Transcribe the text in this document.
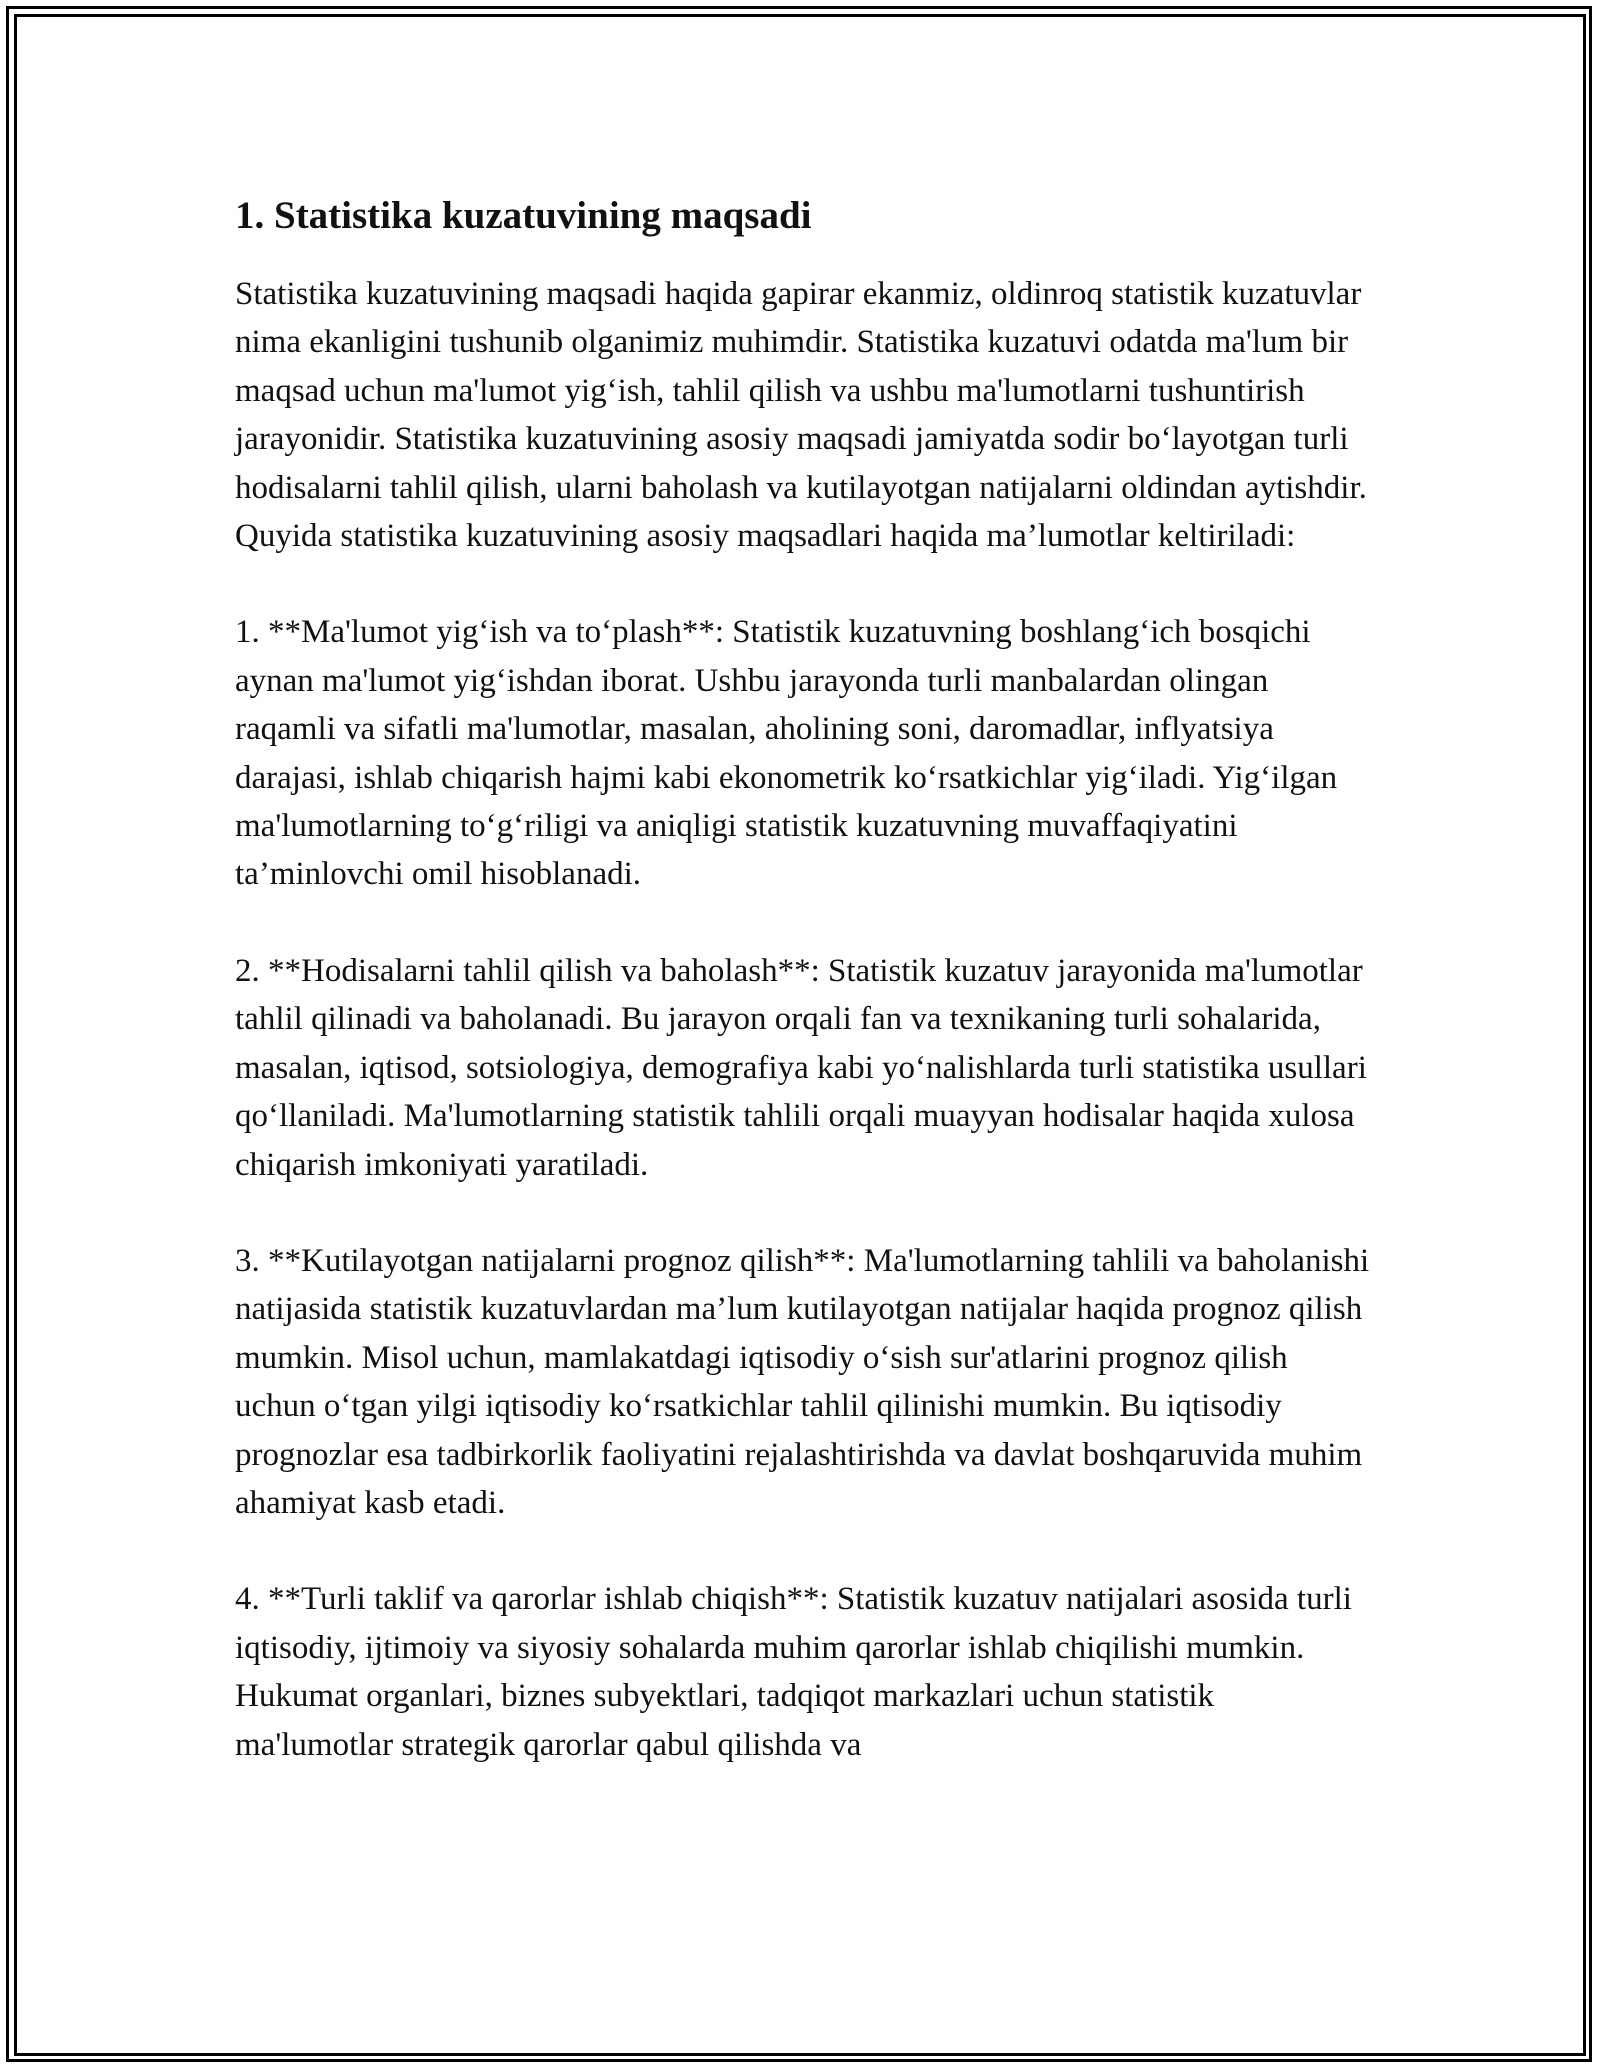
1. Statistika kuzatuvining maqsadi

Statistika kuzatuvining maqsadi haqida gapirar ekanmiz, oldinroq statistik kuzatuvlar nima ekanligini tushunib olganimiz muhimdir. Statistika kuzatuvi odatda ma'lum bir maqsad uchun ma'lumot yig‘ish, tahlil qilish va ushbu ma'lumotlarni tushuntirish jarayonidir. Statistika kuzatuvining asosiy maqsadi jamiyatda sodir bo‘layotgan turli hodisalarni tahlil qilish, ularni baholash va kutilayotgan natijalarni oldindan aytishdir. Quyida statistika kuzatuvining asosiy maqsadlari haqida ma’lumotlar keltiriladi:

1. **Ma'lumot yig‘ish va to‘plash**: Statistik kuzatuvning boshlang‘ich bosqichi aynan ma'lumot yig‘ishdan iborat. Ushbu jarayonda turli manbalardan olingan raqamli va sifatli ma'lumotlar, masalan, aholining soni, daromadlar, inflyatsiya darajasi, ishlab chiqarish hajmi kabi ekonometrik ko‘rsatkichlar yig‘iladi. Yig‘ilgan ma'lumotlarning to‘g‘riligi va aniqligi statistik kuzatuvning muvaffaqiyatini ta’minlovchi omil hisoblanadi.

2. **Hodisalarni tahlil qilish va baholash**: Statistik kuzatuv jarayonida ma'lumotlar tahlil qilinadi va baholanadi. Bu jarayon orqali fan va texnikaning turli sohalarida, masalan, iqtisod, sotsiologiya, demografiya kabi yo‘nalishlarda turli statistika usullari qo‘llaniladi. Ma'lumotlarning statistik tahlili orqali muayyan hodisalar haqida xulosa chiqarish imkoniyati yaratiladi.

3. **Kutilayotgan natijalarni prognoz qilish**: Ma'lumotlarning tahlili va baholanishi natijasida statistik kuzatuvlardan ma’lum kutilayotgan natijalar haqida prognoz qilish mumkin. Misol uchun, mamlakatdagi iqtisodiy o‘sish sur'atlarini prognoz qilish uchun o‘tgan yilgi iqtisodiy ko‘rsatkichlar tahlil qilinishi mumkin. Bu iqtisodiy prognozlar esa tadbirkorlik faoliyatini rejalashtirishda va davlat boshqaruvida muhim ahamiyat kasb etadi.

4. **Turli taklif va qarorlar ishlab chiqish**: Statistik kuzatuv natijalari asosida turli iqtisodiy, ijtimoiy va siyosiy sohalarda muhim qarorlar ishlab chiqilishi mumkin. Hukumat organlari, biznes subyektlari, tadqiqot markazlari uchun statistik ma'lumotlar strategik qarorlar qabul qilishda va
